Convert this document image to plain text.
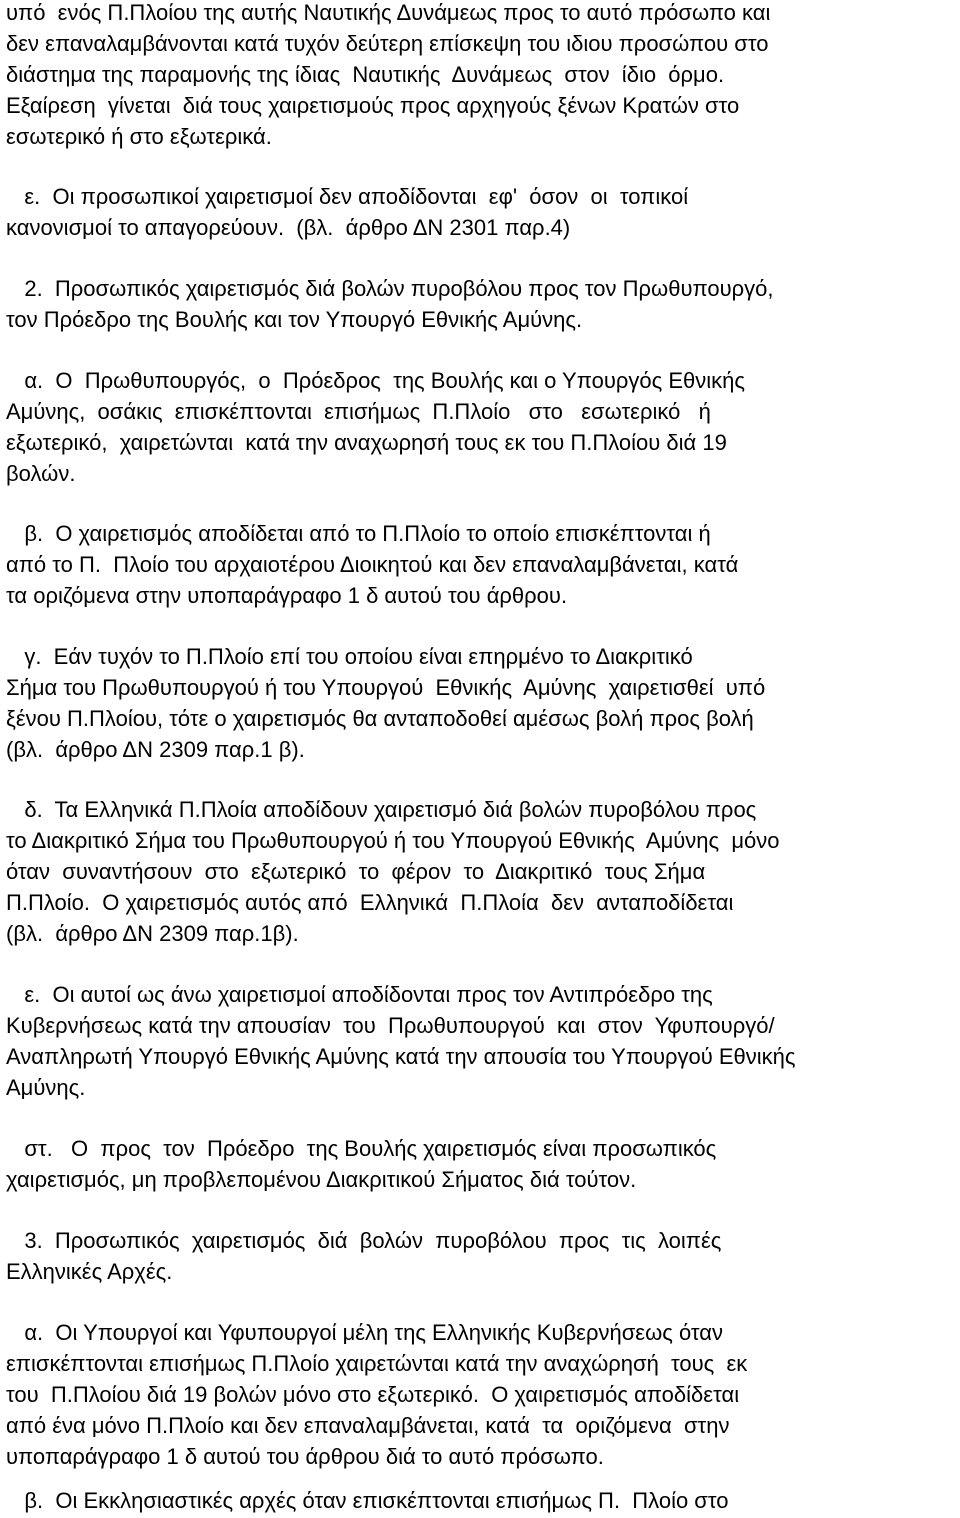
υπό  ενός Π.Πλοίου της αυτής Ναυτικής Δυνάμεως προς το αυτό πρόσωπο και
δεν επαναλαμβάνονται κατά τυχόν δεύτερη επίσκεψη του ιδιου προσώπου στο
διάστημα της παραμονής της ίδιας  Ναυτικής  Δυνάμεως  στον  ίδιο  όρμο.
Εξαίρεση  γίνεται  διά τους χαιρετισμούς προς αρχηγούς ξένων Κρατών στο
εσωτερικό ή στο εξωτερικά.
ε.  Οι προσωπικοί χαιρετισμοί δεν αποδίδονται  εφ'  όσον  οι  τοπικοί
κανονισμοί το απαγορεύουν.  (βλ.  άρθρο ΔΝ 2301 παρ.4)
2.  Προσωπικός χαιρετισμός διά βολών πυροβόλου προς τον Πρωθυπουργό,
τον Πρόεδρο της Βουλής και τον Υπουργό Εθνικής Αμύνης.
α.  Ο  Πρωθυπουργός,  ο  Πρόεδρος  της Βουλής και ο Υπουργός Εθνικής
Αμύνης,  οσάκις  επισκέπτονται  επισήμως  Π.Πλοίο   στο   εσωτερικό   ή
εξωτερικό,  χαιρετώνται  κατά την αναχωρησή τους εκ του Π.Πλοίου διά 19
βολών.
β.  Ο χαιρετισμός αποδίδεται από το Π.Πλοίο το οποίο επισκέπτονται ή
από το Π.  Πλοίο του αρχαιοτέρου Διοικητού και δεν επαναλαμβάνεται, κατά
τα οριζόμενα στην υποπαράγραφο 1 δ αυτού του άρθρου.
γ.  Εάν τυχόν το Π.Πλοίο επί του οποίου είναι επηρμένο το Διακριτικό
Σήμα του Πρωθυπουργού ή του Υπουργού  Εθνικής  Αμύνης  χαιρετισθεί  υπό
ξένου Π.Πλοίου, τότε ο χαιρετισμός θα ανταποδοθεί αμέσως βολή προς βολή
(βλ.  άρθρο ΔΝ 2309 παρ.1 β).
δ.  Τα Ελληνικά Π.Πλοία αποδίδουν χαιρετισμό διά βολών πυροβόλου προς
το Διακριτικό Σήμα του Πρωθυπουργού ή του Υπουργού Εθνικής  Αμύνης  μόνο
όταν  συναντήσουν  στο  εξωτερικό  το  φέρον  το  Διακριτικό  τους Σήμα
Π.Πλοίο.  Ο χαιρετισμός αυτός από  Ελληνικά  Π.Πλοία  δεν  ανταποδίδεται
(βλ.  άρθρο ΔΝ 2309 παρ.1β).
ε.  Οι αυτοί ως άνω χαιρετισμοί αποδίδονται προς τον Αντιπρόεδρο της
Κυβερνήσεως κατά την απουσίαν  του  Πρωθυπουργού  και  στον  Υφυπουργό/
Αναπληρωτή Υπουργό Εθνικής Αμύνης κατά την απουσία του Υπουργού Εθνικής
Αμύνης.
στ.   Ο  προς  τον  Πρόεδρο  της Βουλής χαιρετισμός είναι προσωπικός
χαιρετισμός, μη προβλεπομένου Διακριτικού Σήματος διά τούτον.
3.  Προσωπικός  χαιρετισμός  διά  βολών  πυροβόλου  προς  τις  λοιπές
Ελληνικές Αρχές.
α.  Οι Υπουργοί και Υφυπουργοί μέλη της Ελληνικής Κυβερνήσεως όταν
επισκέπτονται επισήμως Π.Πλοίο χαιρετώνται κατά την αναχώρησή  τους  εκ
του  Π.Πλοίου διά 19 βολών μόνο στο εξωτερικό.  Ο χαιρετισμός αποδίδεται
από ένα μόνο Π.Πλοίο και δεν επαναλαμβάνεται, κατά  τα  οριζόμενα  στην
υποπαράγραφο 1 δ αυτού του άρθρου διά το αυτό πρόσωπο.
β.  Οι Εκκλησιαστικές αρχές όταν επισκέπτονται επισήμως Π.  Πλοίο στο
